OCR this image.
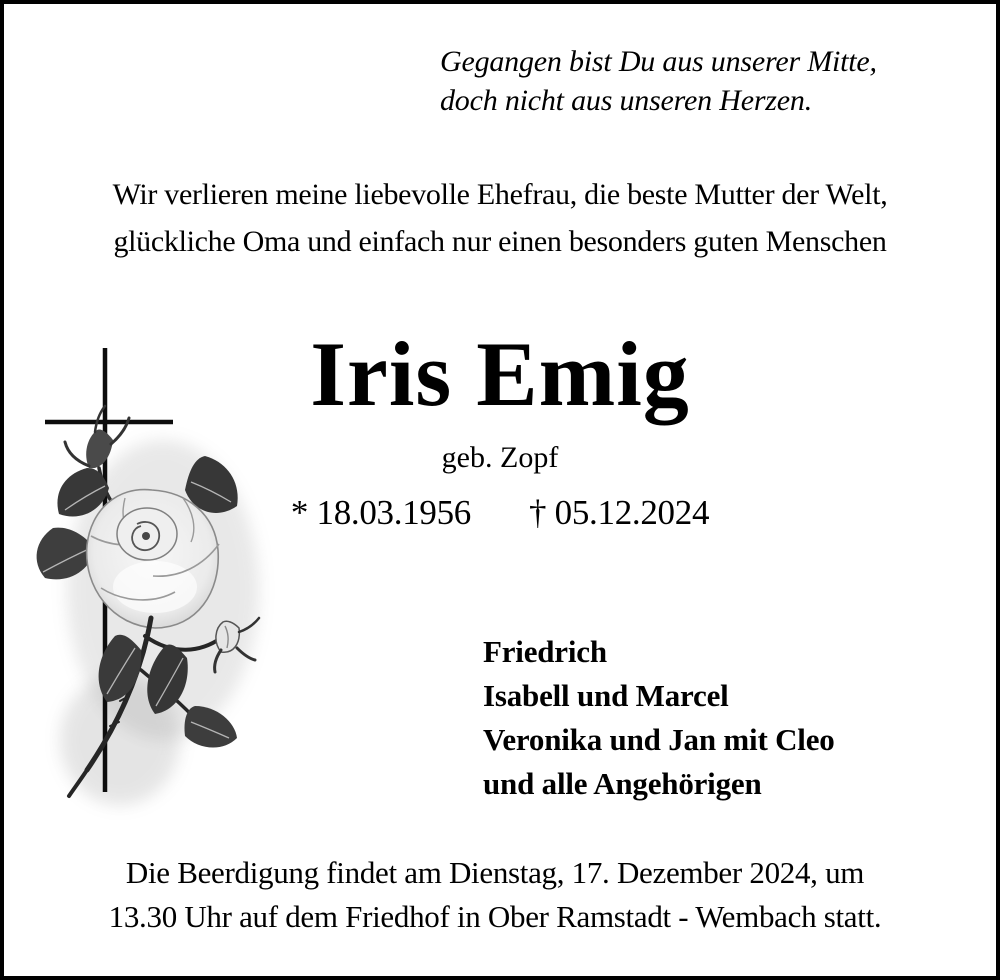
Gegangen bist Du aus unserer Mitte,
doch nicht aus unseren Herzen.
Wir verlieren meine liebevolle Ehefrau, die beste Mutter der Welt,
glückliche Oma und einfach nur einen besonders guten Menschen
Iris Emig
geb. Zopf
* 18.03.1956 † 05.12.2024
Friedrich
Isabell und Marcel
Veronika und Jan mit Cleo
und alle Angehörigen
Die Beerdigung findet am Dienstag, 17. Dezember 2024, um
13.30 Uhr auf dem Friedhof in Ober Ramstadt - Wembach statt.
